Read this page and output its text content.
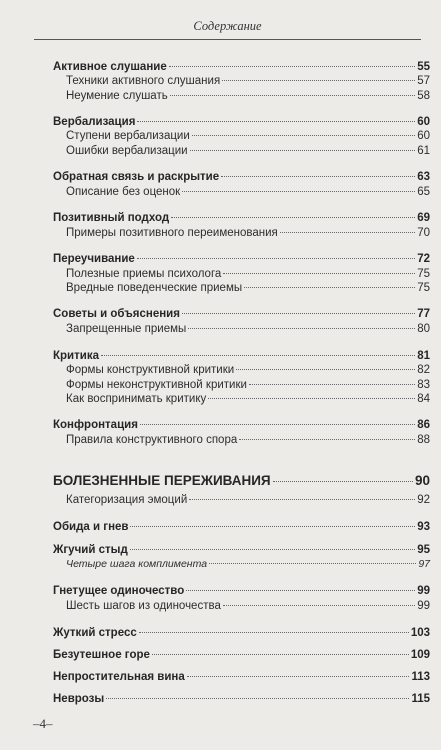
Содержание
Активное слушание	55
Техники активного слушания	57
Неумение слушать	58
Вербализация	60
Ступени вербализации	60
Ошибки вербализации	61
Обратная связь и раскрытие	63
Описание без оценок	65
Позитивный подход	69
Примеры позитивного переименования	70
Переучивание	72
Полезные приемы психолога	75
Вредные поведенческие приемы	75
Советы и объяснения	77
Запрещенные приемы	80
Критика	81
Формы конструктивной критики	82
Формы неконструктивной критики	83
Как воспринимать критику	84
Конфронтация	86
Правила конструктивного спора	88
БОЛЕЗНЕННЫЕ ПЕРЕЖИВАНИЯ	90
Категоризация эмоций	92
Обида и гнев	93
Жгучий стыд	95
Четыре шага комплимента	97
Гнетущее одиночество	99
Шесть шагов из одиночества	99
Жуткий стресс	103
Безутешное горе	109
Непростительная вина	113
Неврозы	115
–4–
